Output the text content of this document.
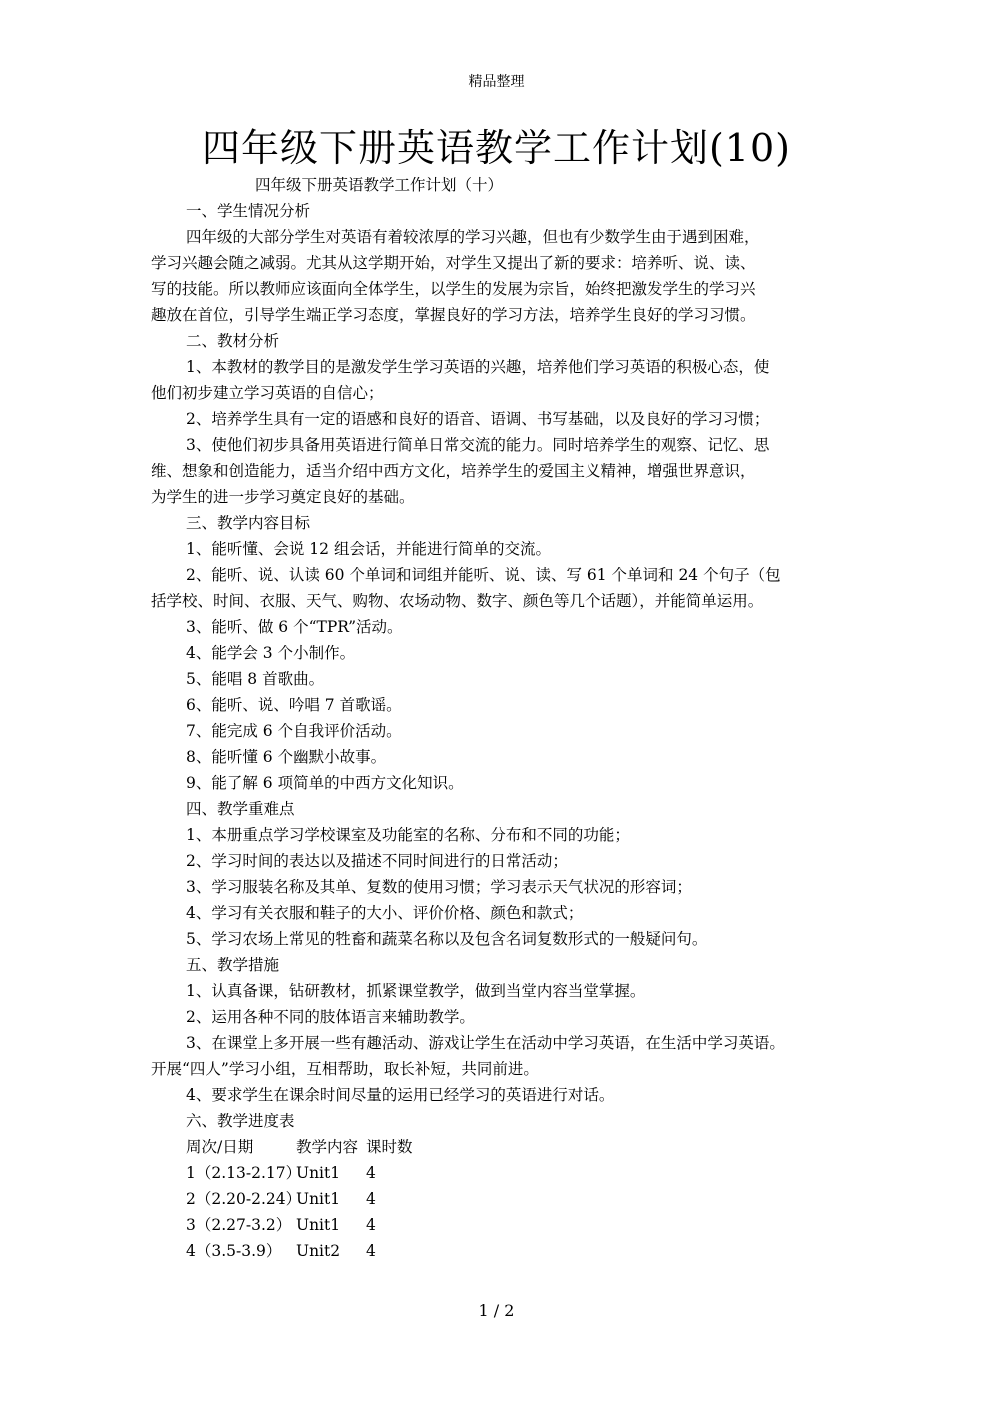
精品整理
四年级下册英语教学工作计划(10)
四年级下册英语教学工作计划（十）
一、学生情况分析
四年级的大部分学生对英语有着较浓厚的学习兴趣，但也有少数学生由于遇到困难，
学习兴趣会随之减弱。尤其从这学期开始，对学生又提出了新的要求：培养听、说、读、
写的技能。所以教师应该面向全体学生，以学生的发展为宗旨，始终把激发学生的学习兴
趣放在首位，引导学生端正学习态度，掌握良好的学习方法，培养学生良好的学习习惯。
二、教材分析
1、本教材的教学目的是激发学生学习英语的兴趣，培养他们学习英语的积极心态，使
他们初步建立学习英语的自信心；
2、培养学生具有一定的语感和良好的语音、语调、书写基础，以及良好的学习习惯；
3、使他们初步具备用英语进行简单日常交流的能力。同时培养学生的观察、记忆、思
维、想象和创造能力，适当介绍中西方文化，培养学生的爱国主义精神，增强世界意识，
为学生的进一步学习奠定良好的基础。
三、教学内容目标
1、能听懂、会说 12 组会话，并能进行简单的交流。
2、能听、说、认读 60 个单词和词组并能听、说、读、写 61 个单词和 24 个句子（包
括学校、时间、衣服、天气、购物、农场动物、数字、颜色等几个话题），并能简单运用。
3、能听、做 6 个“TPR”活动。
4、能学会 3 个小制作。
5、能唱 8 首歌曲。
6、能听、说、吟唱 7 首歌谣。
7、能完成 6 个自我评价活动。
8、能听懂 6 个幽默小故事。
9、能了解 6 项简单的中西方文化知识。
四、教学重难点
1、本册重点学习学校课室及功能室的名称、分布和不同的功能；
2、学习时间的表达以及描述不同时间进行的日常活动；
3、学习服装名称及其单、复数的使用习惯；学习表示天气状况的形容词；
4、学习有关衣服和鞋子的大小、评价价格、颜色和款式；
5、学习农场上常见的牲畜和蔬菜名称以及包含名词复数形式的一般疑问句。
五、教学措施
1、认真备课，钻研教材，抓紧课堂教学，做到当堂内容当堂掌握。
2、运用各种不同的肢体语言来辅助教学。
3、在课堂上多开展一些有趣活动、游戏让学生在活动中学习英语，在生活中学习英语。
开展“四人”学习小组，互相帮助，取长补短，共同前进。
4、要求学生在课余时间尽量的运用已经学习的英语进行对话。
六、教学进度表
周次/日期	教学内容 课时数
1（2.13-2.17）Unit1 4
2（2.20-2.24）Unit1 4
3（2.27-3.2） Unit1 4
4（3.5-3.9） Unit2 4
1 / 2
